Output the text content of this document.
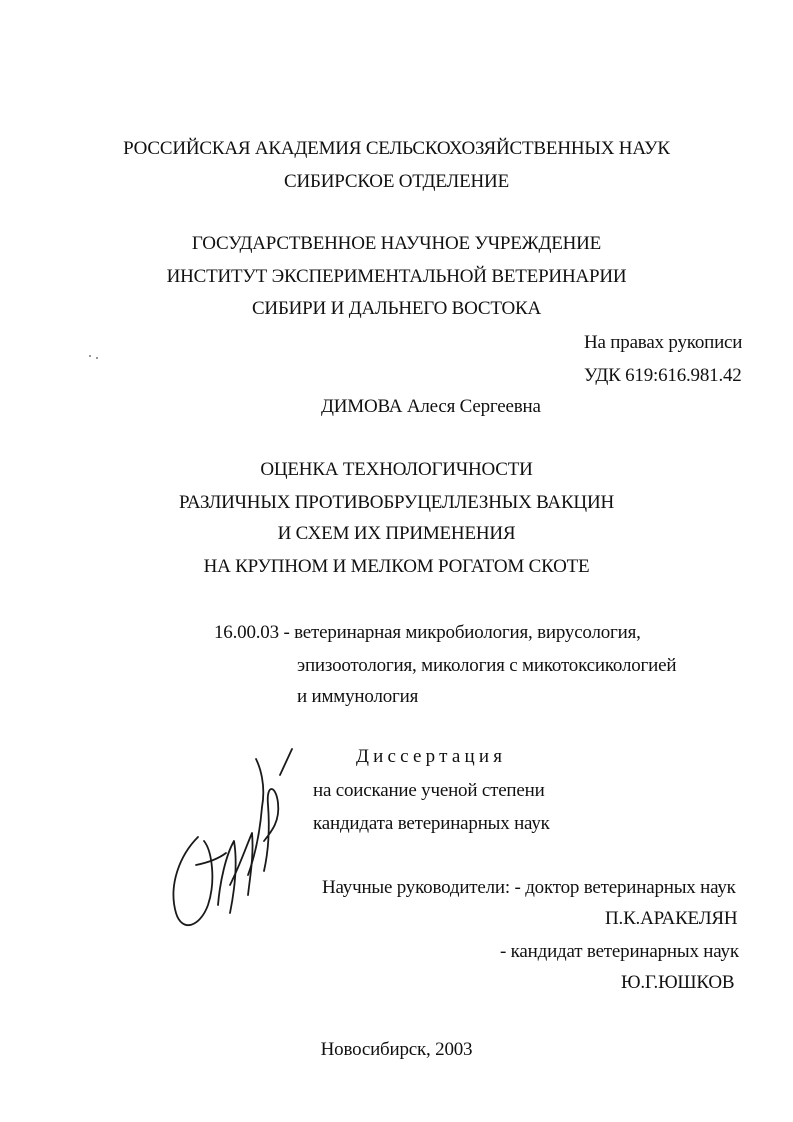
РОССИЙСКАЯ АКАДЕМИЯ СЕЛЬСКОХОЗЯЙСТВЕННЫХ НАУК
СИБИРСКОЕ ОТДЕЛЕНИЕ
ГОСУДАРСТВЕННОЕ НАУЧНОЕ УЧРЕЖДЕНИЕ
ИНСТИТУТ ЭКСПЕРИМЕНТАЛЬНОЙ ВЕТЕРИНАРИИ
СИБИРИ И ДАЛЬНЕГО ВОСТОКА
На правах рукописи
УДК 619:616.981.42
ДИМОВА Алеся Сергеевна
ОЦЕНКА ТЕХНОЛОГИЧНОСТИ
РАЗЛИЧНЫХ ПРОТИВОБРУЦЕЛЛЕЗНЫХ ВАКЦИН
И СХЕМ ИХ ПРИМЕНЕНИЯ
НА КРУПНОМ И МЕЛКОМ РОГАТОМ СКОТЕ
16.00.03 - ветеринарная микробиология, вирусология,
эпизоотология, микология с микотоксикологией
и иммунология
Диссертация
на соискание ученой степени
кандидата ветеринарных наук
Научные руководители: - доктор ветеринарных наук
П.К.АРАКЕЛЯН
- кандидат ветеринарных наук
Ю.Г.ЮШКОВ
Новосибирск, 2003
